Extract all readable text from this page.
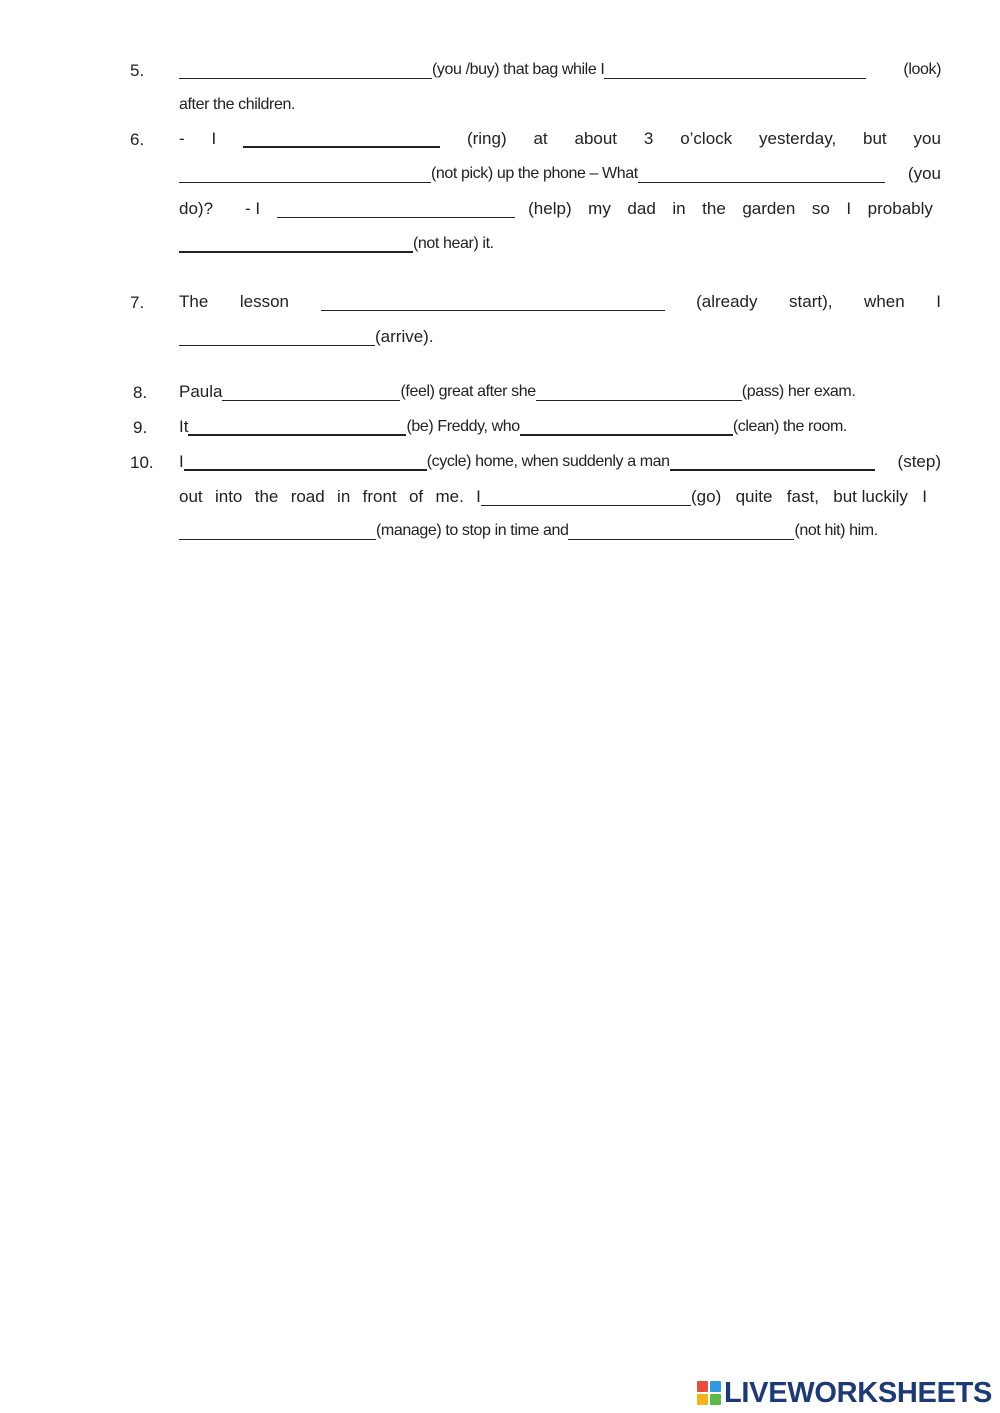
5.	(you /buy) that bag while I	(look)
after the children.
6. - I	(ring) at about 3 o’clock yesterday, but you
(not pick) up the phone – What	(you
do)? - I	(help) my dad in the garden so I probably
(not hear) it.
7. The lesson	(already start), when I
(arrive).
8. Paula	(feel) great after she	(pass) her exam.
9. It	(be) Freddy, who	(clean) the room.
10. I	(cycle) home, when suddenly a man	(step)
out into the road in front of me. I	(go) quite fast, but luckily I
(manage) to stop in time and	(not hit) him.
LIVEWORKSHEETS
